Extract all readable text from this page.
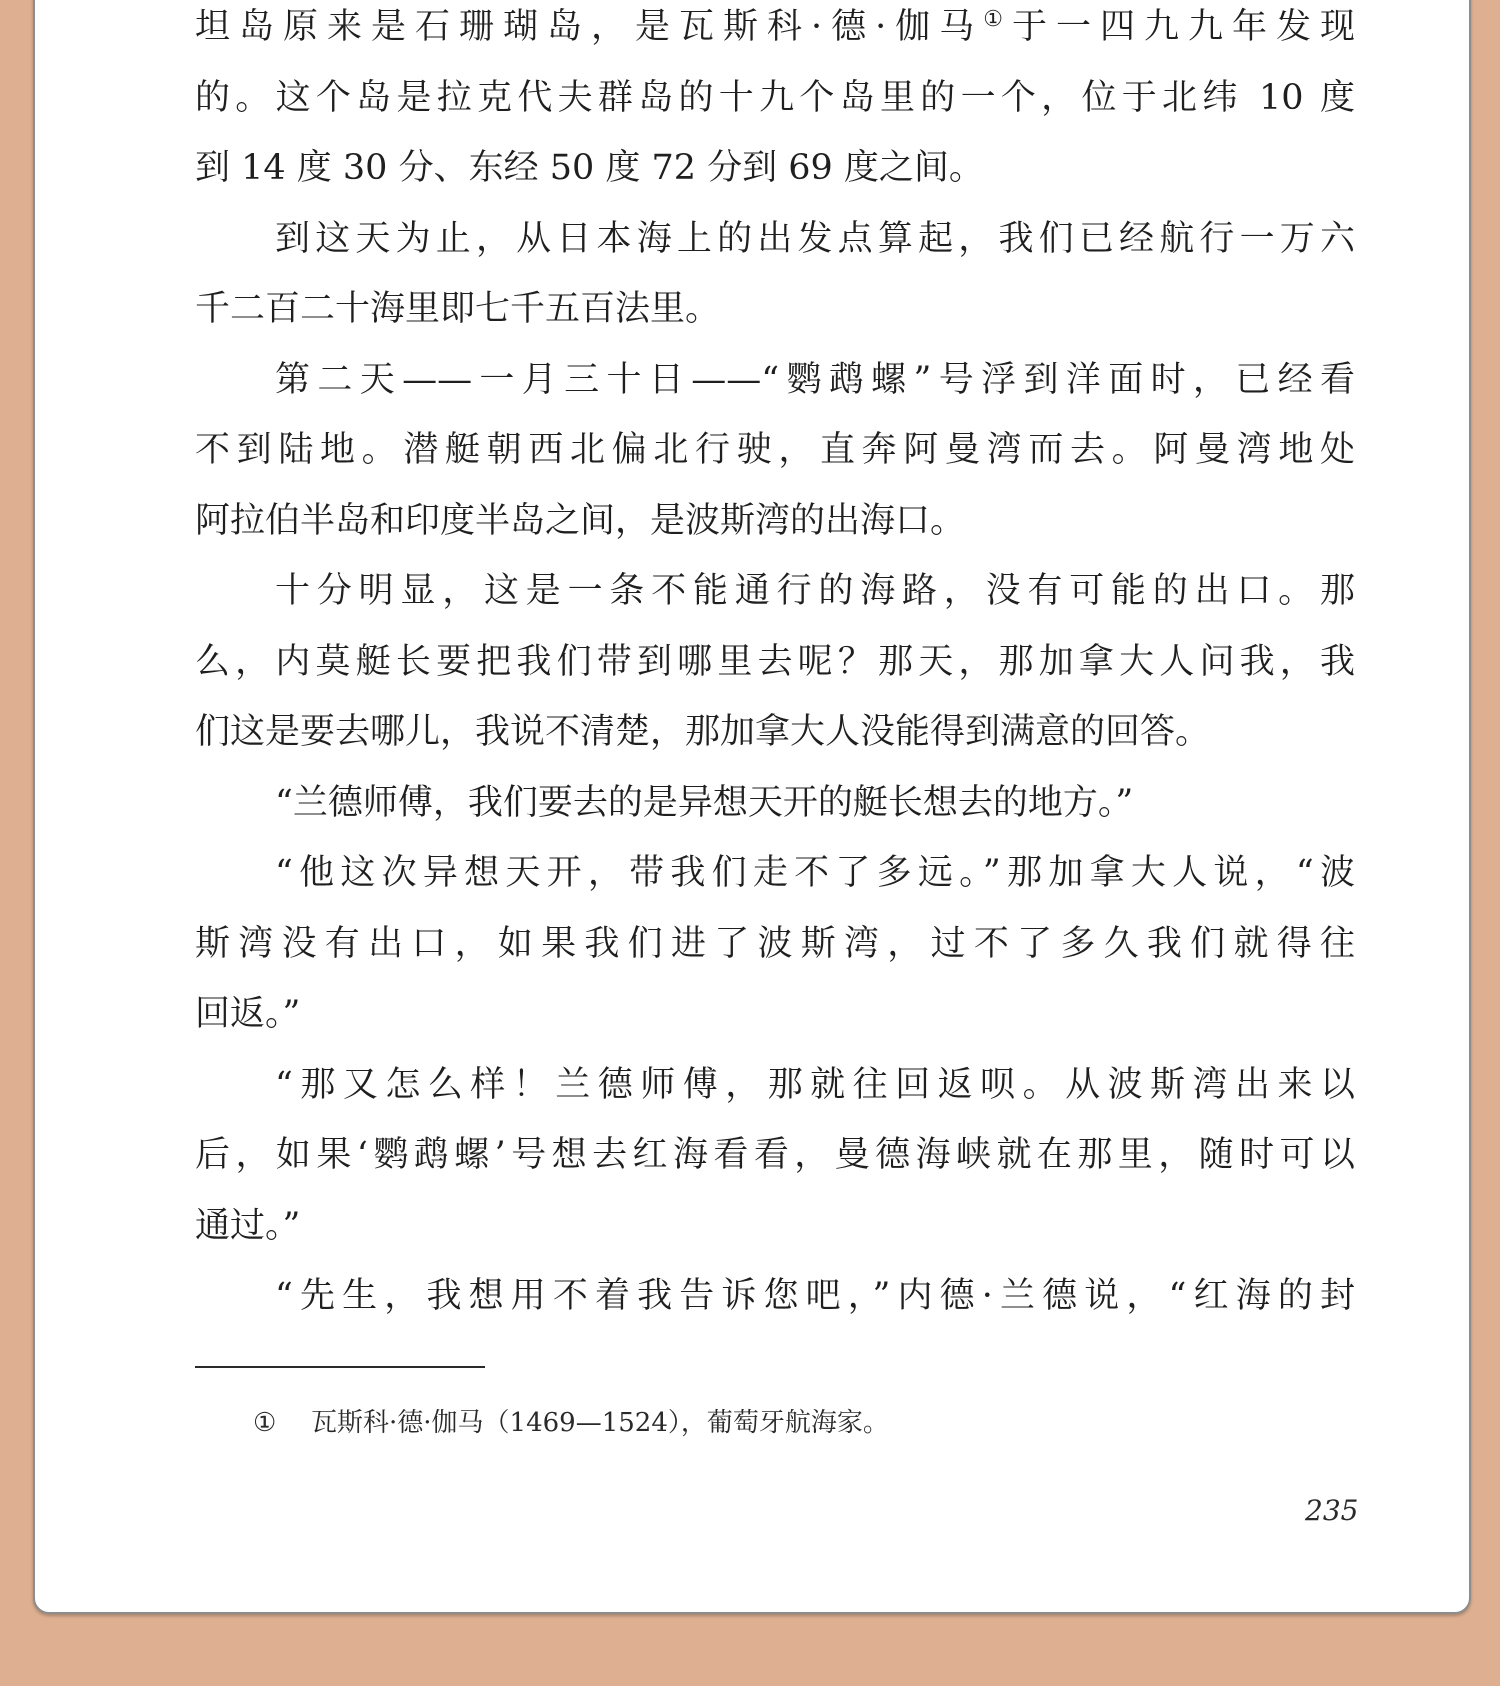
坦岛原来是石珊瑚岛，是瓦斯科·德·伽马①于一四九九年发现
的。这个岛是拉克代夫群岛的十九个岛里的一个，位于北纬 10 度
到 14 度 30 分、东经 50 度 72 分到 69 度之间。
到这天为止，从日本海上的出发点算起，我们已经航行一万六
千二百二十海里即七千五百法里。
第二天——一月三十日——“鹦鹉螺”号浮到洋面时，已经看
不到陆地。潜艇朝西北偏北行驶，直奔阿曼湾而去。阿曼湾地处
阿拉伯半岛和印度半岛之间，是波斯湾的出海口。
十分明显，这是一条不能通行的海路，没有可能的出口。那
么，内莫艇长要把我们带到哪里去呢？那天，那加拿大人问我，我
们这是要去哪儿，我说不清楚，那加拿大人没能得到满意的回答。
“兰德师傅，我们要去的是异想天开的艇长想去的地方。”
“他这次异想天开，带我们走不了多远。”那加拿大人说，“波
斯湾没有出口，如果我们进了波斯湾，过不了多久我们就得往
回返。”
“那又怎么样！兰德师傅，那就往回返呗。从波斯湾出来以
后，如果‘鹦鹉螺’号想去红海看看，曼德海峡就在那里，随时可以
通过。”
“先生，我想用不着我告诉您吧，”内德·兰德说，“红海的封
① 瓦斯科·德·伽马（1469—1524），葡萄牙航海家。
235
